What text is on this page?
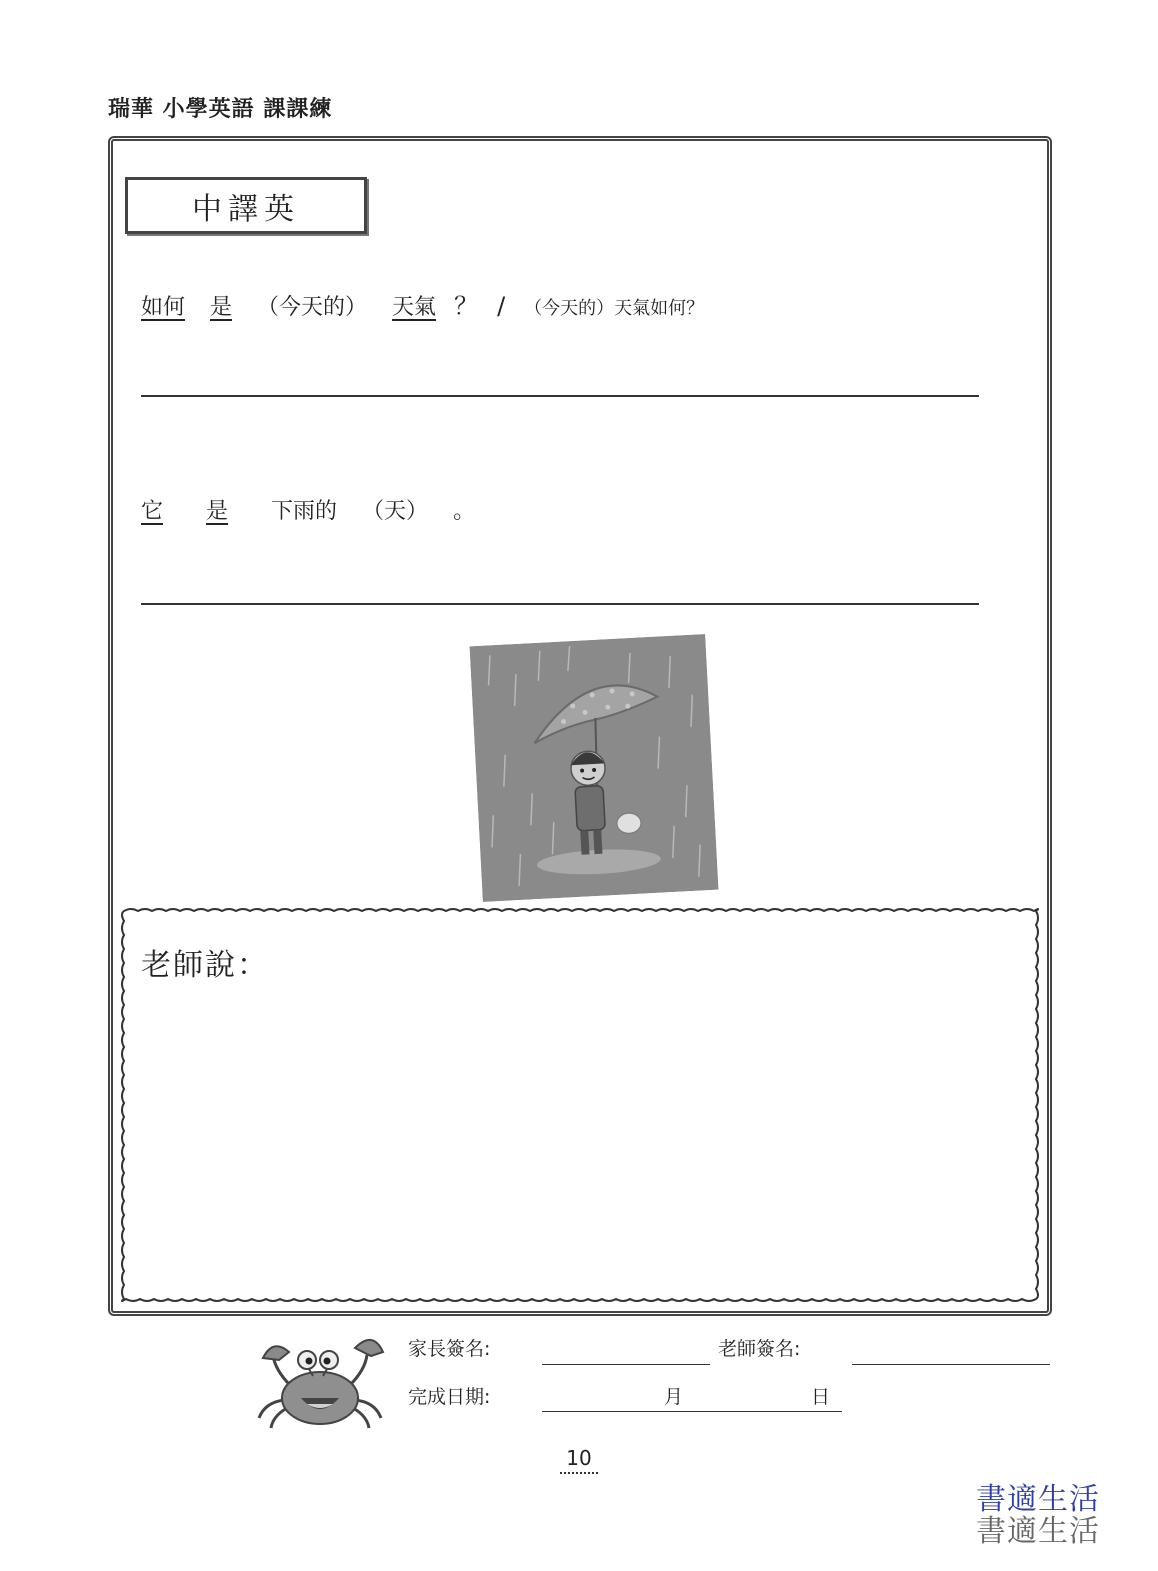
瑞華 小學英語 課課練
中譯英
如何 是 （今天的） 天氣 ？ / （今天的）天氣如何？
它 是 下雨的 （天） 。
老師說：
家長簽名:	老師簽名:
完成日期:	月	日
10
書適生活
書適生活
